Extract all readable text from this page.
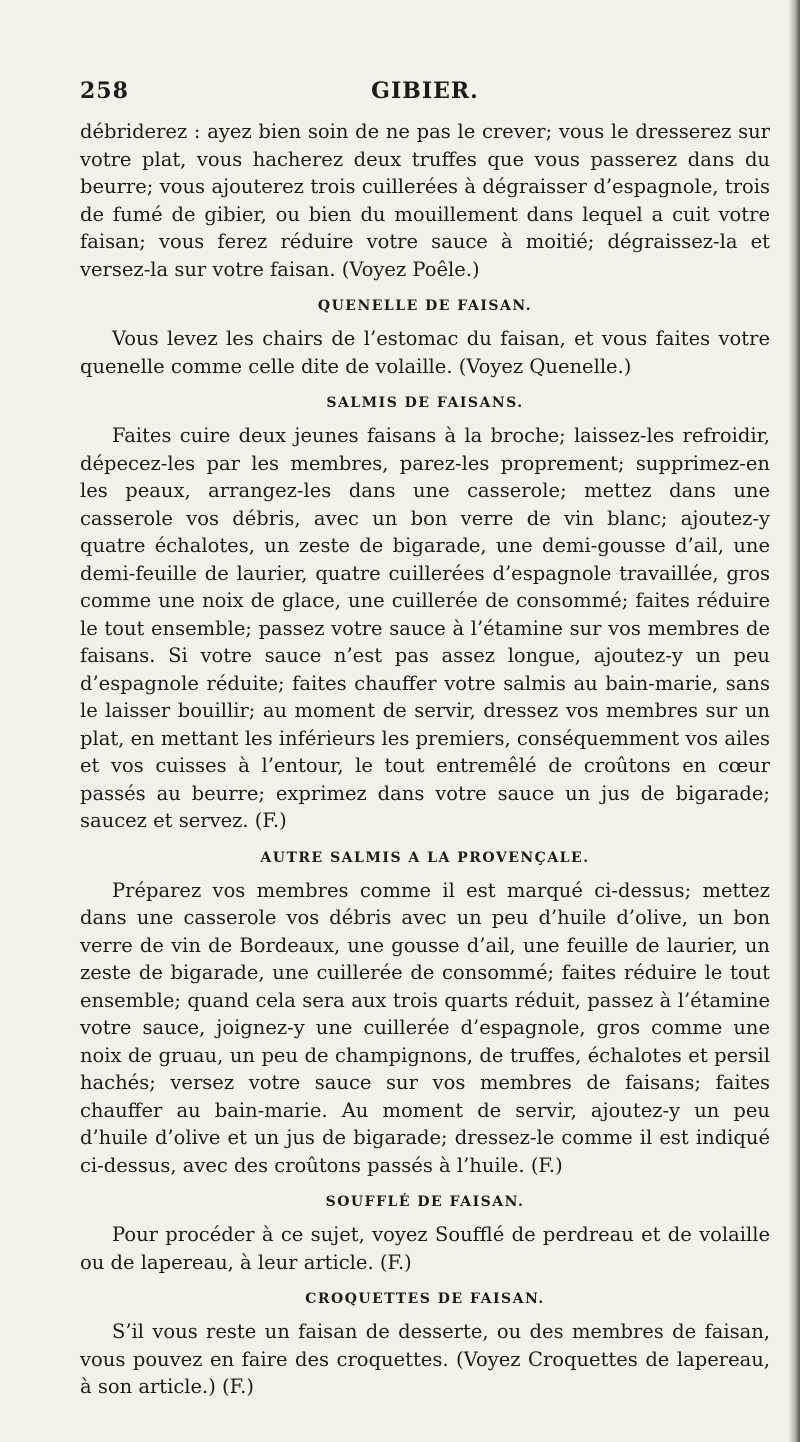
258	GIBIER.

débriderez : ayez bien soin de ne pas le crever; vous le dresserez sur votre plat, vous hacherez deux truffes que vous passerez dans du beurre; vous ajouterez trois cuillerées à dégraisser d’espagnole, trois de fumé de gibier, ou bien du mouillement dans lequel a cuit votre faisan; vous ferez réduire votre sauce à moitié; dégraissez-la et versez-la sur votre faisan. (Voyez Poêle.)

QUENELLE DE FAISAN.

Vous levez les chairs de l’estomac du faisan, et vous faites votre quenelle comme celle dite de volaille. (Voyez Quenelle.)

SALMIS DE FAISANS.

Faites cuire deux jeunes faisans à la broche; laissez-les refroidir, dépecez-les par les membres, parez-les proprement; supprimez-en les peaux, arrangez-les dans une casserole; mettez dans une casserole vos débris, avec un bon verre de vin blanc; ajoutez-y quatre échalotes, un zeste de bigarade, une demi-gousse d’ail, une demi-feuille de laurier, quatre cuillerées d’espagnole travaillée, gros comme une noix de glace, une cuillerée de consommé; faites réduire le tout ensemble; passez votre sauce à l’étamine sur vos membres de faisans. Si votre sauce n’est pas assez longue, ajoutez-y un peu d’espagnole réduite; faites chauffer votre salmis au bain-marie, sans le laisser bouillir; au moment de servir, dressez vos membres sur un plat, en mettant les inférieurs les premiers, conséquemment vos ailes et vos cuisses à l’entour, le tout entremêlé de croûtons en cœur passés au beurre; exprimez dans votre sauce un jus de bigarade; saucez et servez. (F.)

AUTRE SALMIS A LA PROVENÇALE.

Préparez vos membres comme il est marqué ci-dessus; mettez dans une casserole vos débris avec un peu d’huile d’olive, un bon verre de vin de Bordeaux, une gousse d’ail, une feuille de laurier, un zeste de bigarade, une cuillerée de consommé; faites réduire le tout ensemble; quand cela sera aux trois quarts réduit, passez à l’étamine votre sauce, joignez-y une cuillerée d’espagnole, gros comme une noix de gruau, un peu de champignons, de truffes, échalotes et persil hachés; versez votre sauce sur vos membres de faisans; faites chauffer au bain-marie. Au moment de servir, ajoutez-y un peu d’huile d’olive et un jus de bigarade; dressez-le comme il est indiqué ci-dessus, avec des croûtons passés à l’huile. (F.)

SOUFFLÉ DE FAISAN.

Pour procéder à ce sujet, voyez Soufflé de perdreau et de volaille ou de lapereau, à leur article. (F.)

CROQUETTES DE FAISAN.

S’il vous reste un faisan de desserte, ou des membres de faisan, vous pouvez en faire des croquettes. (Voyez Croquettes de lapereau, à son article.) (F.)
